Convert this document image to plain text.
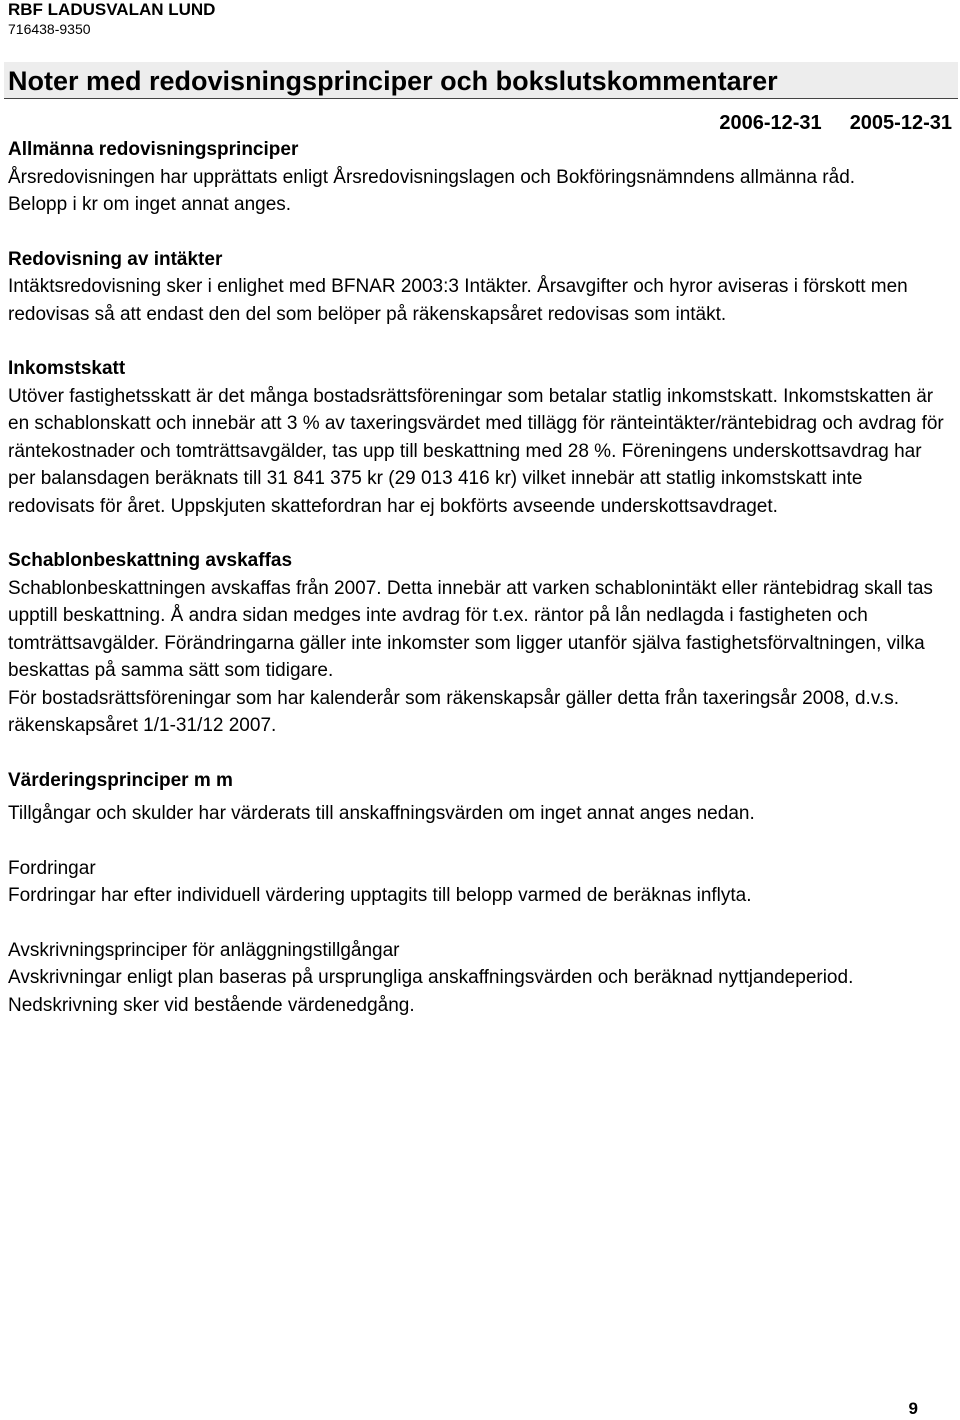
RBF LADUSVALAN LUND
716438-9350
Noter med redovisningsprinciper och bokslutskommentarer
2006-12-31 2005-12-31

Allmänna redovisningsprinciper

Årsredovisningen har upprättats enligt Årsredovisningslagen och Bokföringsnämndens allmänna råd.

Belopp i kr om inget annat anges.

Redovisning av intäkter

Intäktsredovisning sker i enlighet med BFNAR 2003:3 Intäkter. Årsavgifter och hyror aviseras i förskott men redovisas så att endast den del som belöper på räkenskapsåret redovisas som intäkt.

Inkomstskatt

Utöver fastighetsskatt är det många bostadsrättsföreningar som betalar statlig inkomstskatt. Inkomstskatten är en schablonskatt och innebär att 3 % av taxeringsvärdet med tillägg för ränteintäkter/räntebidrag och avdrag för räntekostnader och tomträttsavgälder, tas upp till beskattning med 28 %. Föreningens underskottsavdrag har per balansdagen beräknats till 31 841 375 kr (29 013 416 kr) vilket innebär att statlig inkomstskatt inte redovisats för året. Uppskjuten skattefordran har ej bokförts avseende underskottsavdraget.

Schablonbeskattning avskaffas

Schablonbeskattningen avskaffas från 2007. Detta innebär att varken schablonintäkt eller räntebidrag skall tas upptill beskattning. Å andra sidan medges inte avdrag för t.ex. räntor på lån nedlagda i fastigheten och tomträttsavgälder. Förändringarna gäller inte inkomster som ligger utanför själva fastighetsförvaltningen, vilka beskattas på samma sätt som tidigare.

För bostadsrättsföreningar som har kalenderår som räkenskapsår gäller detta från taxeringsår 2008, d.v.s. räkenskapsåret 1/1-31/12 2007.

Värderingsprinciper m m

Tillgångar och skulder har värderats till anskaffningsvärden om inget annat anges nedan.

Fordringar

Fordringar har efter individuell värdering upptagits till belopp varmed de beräknas inflyta.

Avskrivningsprinciper för anläggningstillgångar

Avskrivningar enligt plan baseras på ursprungliga anskaffningsvärden och beräknad nyttjandeperiod. Nedskrivning sker vid bestående värdenedgång.

9
